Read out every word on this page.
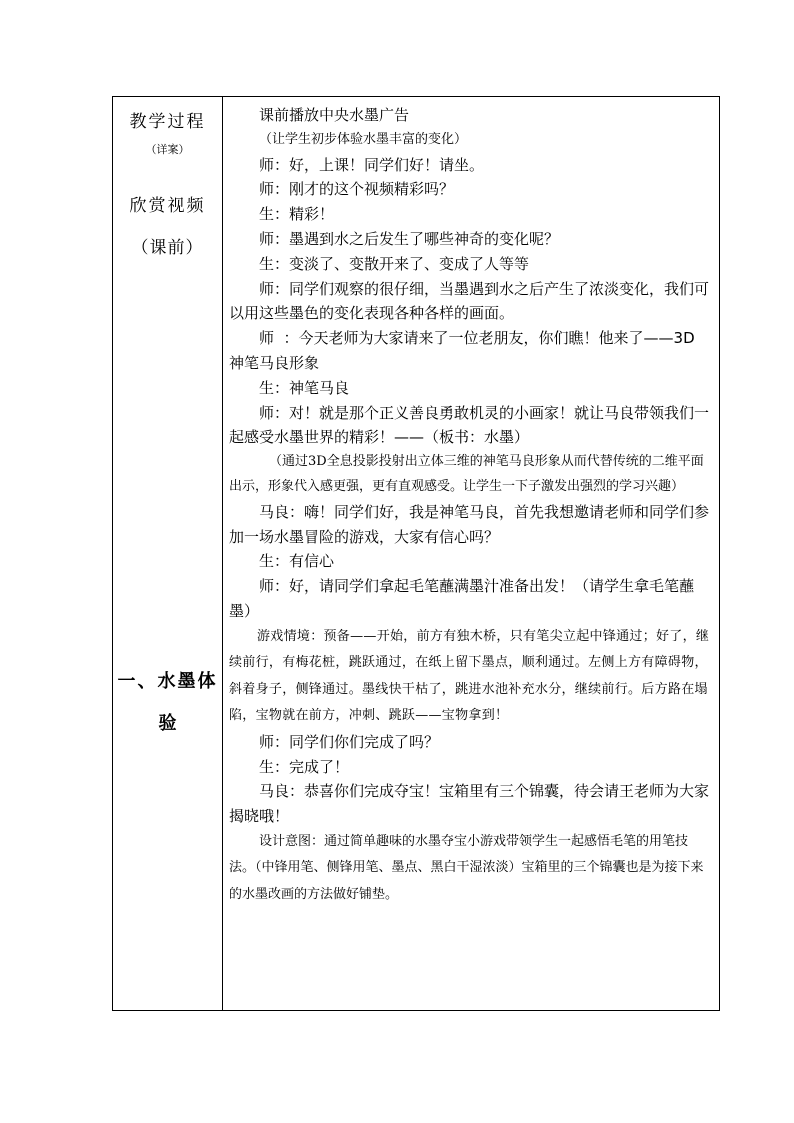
教学过程
（详案）
欣赏视频
（课前）
一、水墨体
验
课前播放中央水墨广告
（让学生初步体验水墨丰富的变化）
师：好，上课！同学们好！请坐。
师：刚才的这个视频精彩吗？
生：精彩！
师：墨遇到水之后发生了哪些神奇的变化呢？
生：变淡了、变散开来了、变成了人等等
师：同学们观察的很仔细，当墨遇到水之后产生了浓淡变化，我们可以用这些墨色的变化表现各种各样的画面。
师  ：今天老师为大家请来了一位老朋友，你们瞧！他来了——3D 神笔马良形象
生：神笔马良
师：对！就是那个正义善良勇敢机灵的小画家！就让马良带领我们一起感受水墨世界的精彩！——（板书：水墨）
（通过3D全息投影投射出立体三维的神笔马良形象从而代替传统的二维平面出示，形象代入感更强，更有直观感受。让学生一下子激发出强烈的学习兴趣）
马良：嗨！同学们好，我是神笔马良，首先我想邀请老师和同学们参加一场水墨冒险的游戏，大家有信心吗？
生：有信心
师：好，请同学们拿起毛笔蘸满墨汁准备出发！（请学生拿毛笔蘸墨）
游戏情境：预备——开始，前方有独木桥，只有笔尖立起中锋通过；好了，继续前行，有梅花桩，跳跃通过，在纸上留下墨点，顺利通过。左侧上方有障碍物，斜着身子，侧锋通过。墨线快干枯了，跳进水池补充水分，继续前行。后方路在塌陷，宝物就在前方，冲刺、跳跃——宝物拿到！
师：同学们你们完成了吗？
生：完成了！
马良：恭喜你们完成夺宝！宝箱里有三个锦囊，待会请王老师为大家揭晓哦！
设计意图：通过简单趣味的水墨夺宝小游戏带领学生一起感悟毛笔的用笔技法。（中锋用笔、侧锋用笔、墨点、黑白干湿浓淡）宝箱里的三个锦囊也是为接下来的水墨改画的方法做好铺垫。
